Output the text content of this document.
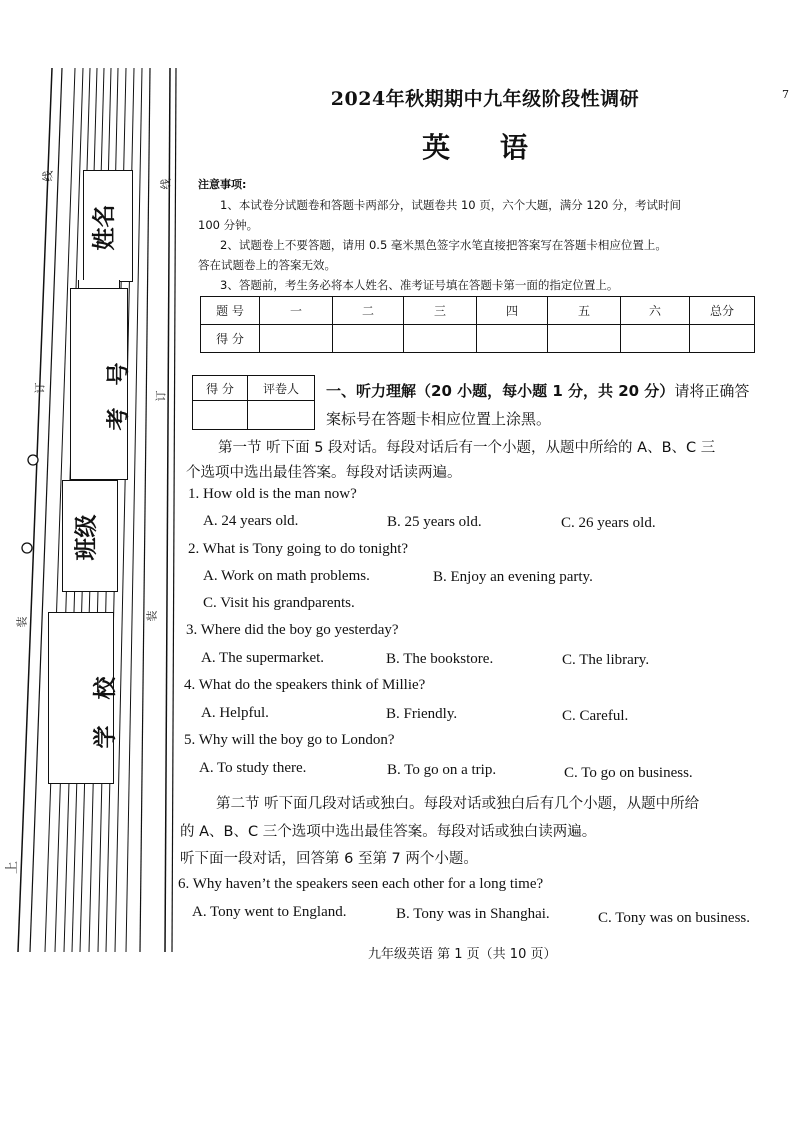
线
线
订
订
装
装
上
姓名
考号
班级
学校
2024年秋期期中九年级阶段性调研
英 语
7
注意事项:
1、本试卷分试题卷和答题卡两部分，试题卷共 10 页，六个大题，满分 120 分，考试时间
100 分钟。
2、试题卷上不要答题，请用 0.5 毫米黑色签字水笔直接把答案写在答题卡相应位置上。
答在试题卷上的答案无效。
3、答题前，考生务必将本人姓名、准考证号填在答题卡第一面的指定位置上。
题 号	一	二	三	四	五	六	总分
得 分							
得 分	评卷人
	一、听力理解（20 小题，每小题 1 分，共 20 分）请将正确答
案标号在答题卡相应位置上涂黑。
第一节 听下面 5 段对话。每段对话后有一个小题，从题中所给的 A、B、C 三
个选项中选出最佳答案。每段对话读两遍。
1. How old is the man now?
A. 24 years old.	B. 25 years old.	C. 26 years old.
2. What is Tony going to do tonight?
A. Work on math problems.	B. Enjoy an evening party.
C. Visit his grandparents.
3. Where did the boy go yesterday?
A. The supermarket.	B. The bookstore.	C. The library.
4. What do the speakers think of Millie?
A. Helpful.	B. Friendly.	C. Careful.
5. Why will the boy go to London?
A. To study there.	B. To go on a trip.	C. To go on business.
第二节 听下面几段对话或独白。每段对话或独白后有几个小题，从题中所给
的 A、B、C 三个选项中选出最佳答案。每段对话或独白读两遍。
听下面一段对话，回答第 6 至第 7 两个小题。
6. Why haven’t the speakers seen each other for a long time?
A. Tony went to England.	B. Tony was in Shanghai.	C. Tony was on business.
九年级英语 第 1 页（共 10 页）
